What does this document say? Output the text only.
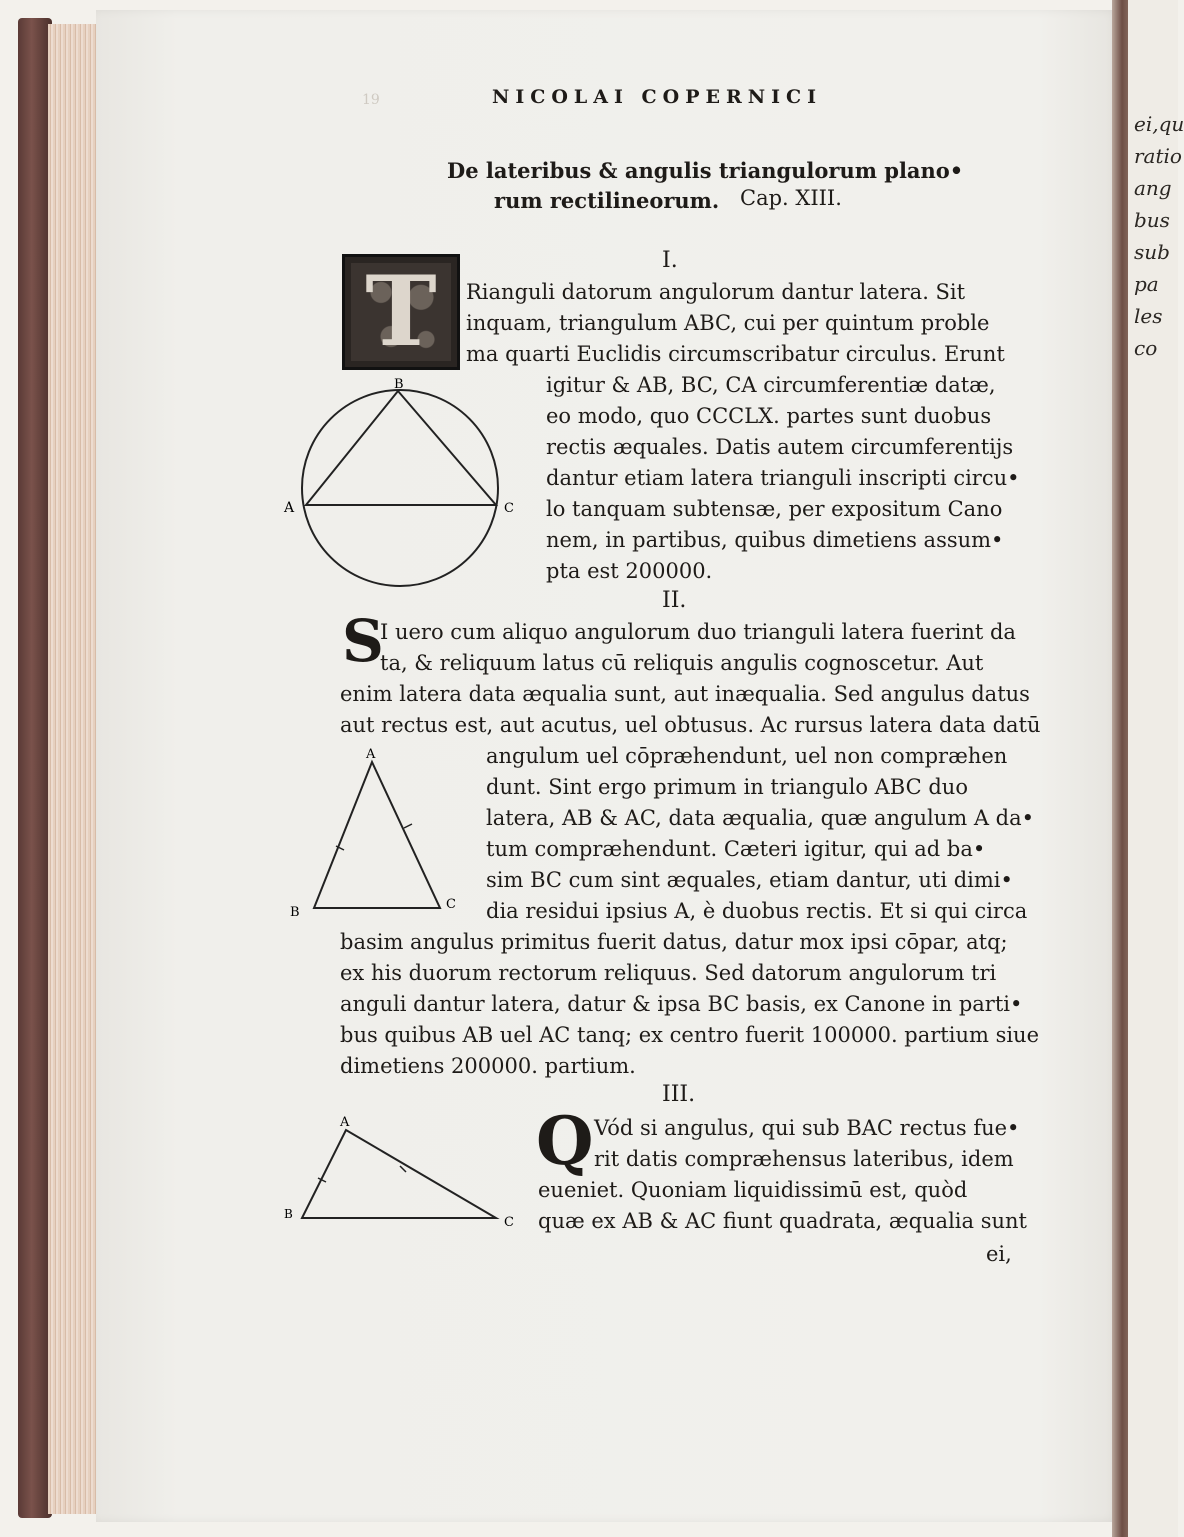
19	NICOLAI COPERNICI
De lateribus & angulis triangulorum plano•
rum rectilineorum. Cap. XIII.
I.
T	Rianguli datorum angulorum dantur latera. Sit
inquam, triangulum ABC, cui per quintum proble
ma quarti Euclidis circumscribatur circulus. Erunt
igitur & AB, BC, CA circumferentiæ datæ,
eo modo, quo CCCLX. partes sunt duobus
rectis æquales. Datis autem circumferentijs
dantur etiam latera trianguli inscripti circu•
lo tanquam subtensæ, per expositum Cano
nem, in partibus, quibus dimetiens assum•
pta est 200000.
B
A	C
II.
S
I uero cum aliquo angulorum duo trianguli latera fuerint da
ta, & reliquum latus cū reliquis angulis cognoscetur. Aut
enim latera data æqualia sunt, aut inæqualia. Sed angulus datus
aut rectus est, aut acutus, uel obtusus. Ac rursus latera data datū
angulum uel cōpræhendunt, uel non compræhen
dunt. Sint ergo primum in triangulo ABC duo
latera, AB & AC, data æqualia, quæ angulum A da•
tum compræhendunt. Cæteri igitur, qui ad ba•
sim BC cum sint æquales, etiam dantur, uti dimi•
dia residui ipsius A, è duobus rectis. Et si qui circa
basim angulus primitus fuerit datus, datur mox ipsi cōpar, atq;
ex his duorum rectorum reliquus. Sed datorum angulorum tri
anguli dantur latera, datur & ipsa BC basis, ex Canone in parti•
bus quibus AB uel AC tanq; ex centro fuerit 100000. partium siue
dimetiens 200000. partium.
A
B
C
III.
Q Vód si angulus, qui sub BAC rectus fue•
rit datis compræhensus lateribus, idem
eueniet. Quoniam liquidissimū est, quòd
quæ ex AB & AC fiunt quadrata, æqualia sunt
ei,
A
B
C
ei,qu
ratio
ang
bus
sub
pa
les
co
